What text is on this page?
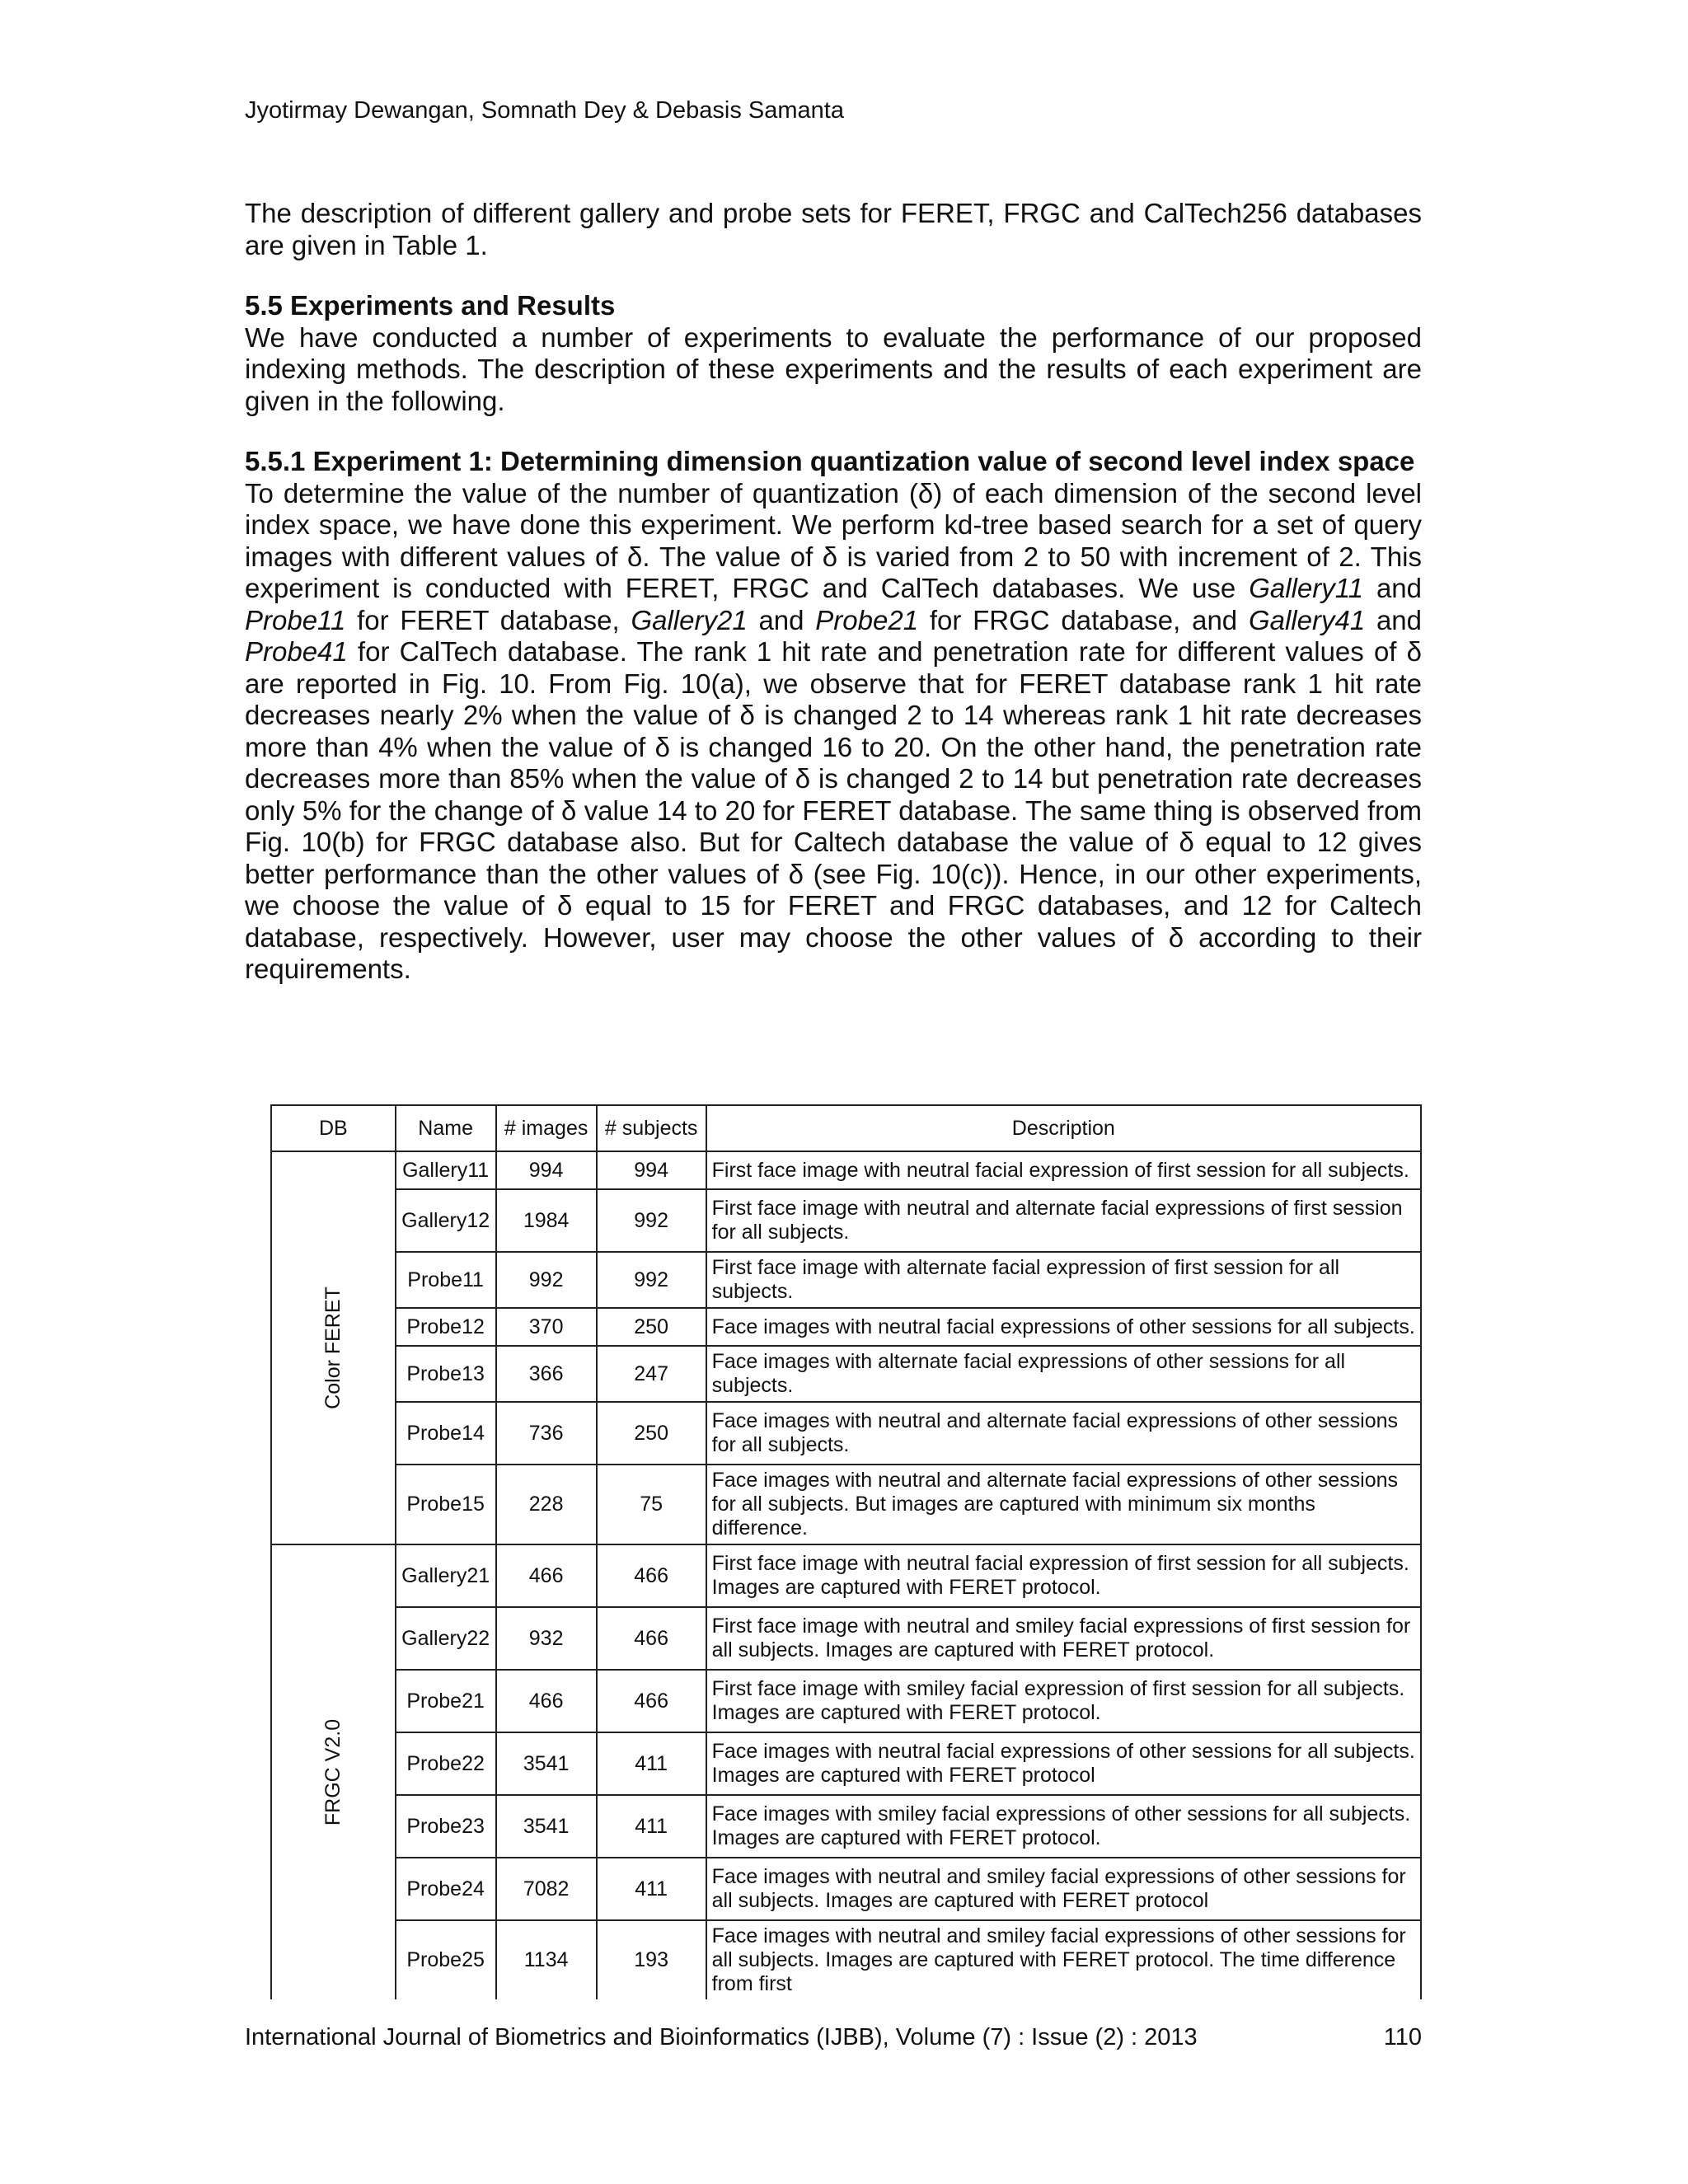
Jyotirmay Dewangan, Somnath Dey & Debasis Samanta

The description of different gallery and probe sets for FERET, FRGC and CalTech256 databases are given in Table 1.

5.5 Experiments and Results
We have conducted a number of experiments to evaluate the performance of our proposed indexing methods. The description of these experiments and the results of each experiment are given in the following.
5.5.1 Experiment 1: Determining dimension quantization value of second level index space
To determine the value of the number of quantization (δ) of each dimension of the second level index space, we have done this experiment. We perform kd-tree based search for a set of query images with different values of δ. The value of δ is varied from 2 to 50 with increment of 2. This experiment is conducted with FERET, FRGC and CalTech databases. We use Gallery11 and Probe11 for FERET database, Gallery21 and Probe21 for FRGC database, and Gallery41 and Probe41 for CalTech database. The rank 1 hit rate and penetration rate for different values of δ are reported in Fig. 10. From Fig. 10(a), we observe that for FERET database rank 1 hit rate decreases nearly 2% when the value of δ is changed 2 to 14 whereas rank 1 hit rate decreases more than 4% when the value of δ is changed 16 to 20. On the other hand, the penetration rate decreases more than 85% when the value of δ is changed 2 to 14 but penetration rate decreases only 5% for the change of δ value 14 to 20 for FERET database. The same thing is observed from Fig. 10(b) for FRGC database also. But for Caltech database the value of δ equal to 12 gives better performance than the other values of δ (see Fig. 10(c)). Hence, in our other experiments, we choose the value of δ equal to 15 for FERET and FRGC databases, and 12 for Caltech database, respectively. However, user may choose the other values of δ according to their requirements.
DB	Name	# images	# subjects	Description
Color FERET	Gallery11	994	994	First face image with neutral facial expression of first session for all subjects.
	Gallery12	1984	992	First face image with neutral and alternate facial expressions of first session for all subjects.
	Probe11	992	992	First face image with alternate facial expression of first session for all subjects.
	Probe12	370	250	Face images with neutral facial expressions of other sessions for all subjects.
	Probe13	366	247	Face images with alternate facial expressions of other sessions for all subjects.
	Probe14	736	250	Face images with neutral and alternate facial expressions of other sessions for all subjects.
	Probe15	228	75	Face images with neutral and alternate facial expressions of other sessions for all subjects. But images are captured with minimum six months difference.
FRGC V2.0	Gallery21	466	466	First face image with neutral facial expression of first session for all subjects. Images are captured with FERET protocol.
	Gallery22	932	466	First face image with neutral and smiley facial expressions of first session for all subjects. Images are captured with FERET protocol.
	Probe21	466	466	First face image with smiley facial expression of first session for all subjects. Images are captured with FERET protocol.
	Probe22	3541	411	Face images with neutral facial expressions of other sessions for all subjects. Images are captured with FERET protocol
	Probe23	3541	411	Face images with smiley facial expressions of other sessions for all subjects. Images are captured with FERET protocol.
	Probe24	7082	411	Face images with neutral and smiley facial expressions of other sessions for all subjects. Images are captured with FERET protocol
	Probe25	1134	193	Face images with neutral and smiley facial expressions of other sessions for all subjects. Images are captured with FERET protocol. The time difference from first
International Journal of Biometrics and Bioinformatics (IJBB), Volume (7) : Issue (2) : 2013	110
